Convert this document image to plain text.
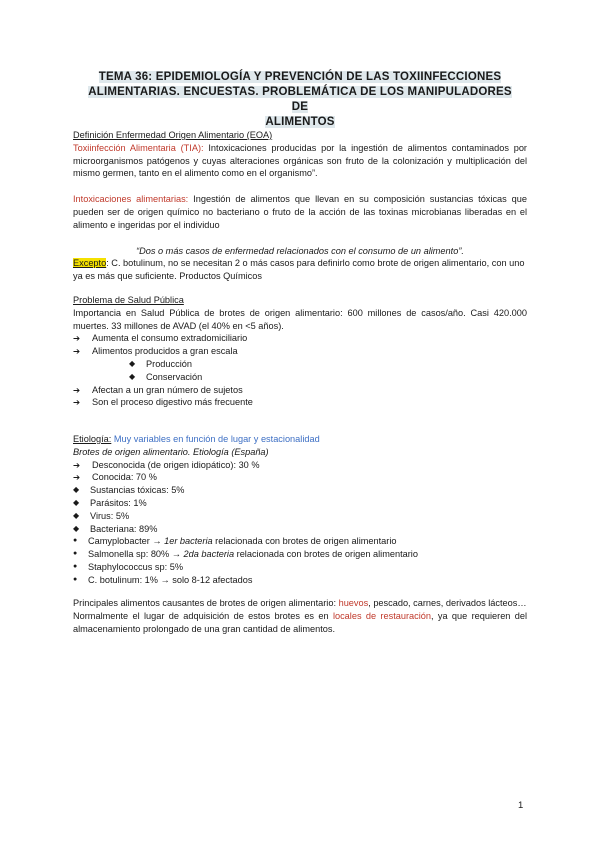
TEMA 36: EPIDEMIOLOGÍA Y PREVENCIÓN DE LAS TOXIINFECCIONES
ALIMENTARIAS. ENCUESTAS. PROBLEMÁTICA DE LOS MANIPULADORES DE
ALIMENTOS
Definición Enfermedad Origen Alimentario (EOA)
Toxiinfección Alimentaria (TIA): Intoxicaciones producidas por la ingestión de alimentos contaminados por microorganismos patógenos y cuyas alteraciones orgánicas son fruto de la colonización y multiplicación del mismo germen, tanto en el alimento como en el organismo”.
Intoxicaciones alimentarias: Ingestión de alimentos que llevan en su composición sustancias tóxicas que pueden ser de origen químico no bacteriano o fruto de la acción de las toxinas microbianas liberadas en el alimento e ingeridas por el individuo
“Dos o más casos de enfermedad relacionados con el consumo de un alimento”.
Excepto: C. botulinum, no se necesitan 2 o más casos para definirlo como brote de origen alimentario, con uno ya es más que suficiente. Productos Químicos
Problema de Salud Pública
Importancia en Salud Pública de brotes de origen alimentario: 600 millones de casos/año. Casi 420.000 muertes. 33 millones de AVAD (el 40% en <5 años).
➔ Aumenta el consumo extradomiciliario
➔ Alimentos producidos a gran escala
◆ Producción
◆ Conservación
➔ Afectan a un gran número de sujetos
➔ Son el proceso digestivo más frecuente
Etiología: Muy variables en función de lugar y estacionalidad
Brotes de origen alimentario. Etiología (España)
➔ Desconocida (de origen idiopático): 30 %
➔ Conocida: 70 %
◆ Sustancias tóxicas: 5%
◆ Parásitos: 1%
◆ Virus: 5%
◆ Bacteriana: 89%
● Camyplobacter → 1er bacteria relacionada con brotes de origen alimentario
● Salmonella sp: 80% → 2da bacteria relacionada con brotes de origen alimentario
● Staphylococcus sp: 5%
● C. botulinum: 1% → solo 8-12 afectados
Principales alimentos causantes de brotes de origen alimentario: huevos, pescado, carnes, derivados lácteos…
Normalmente el lugar de adquisición de estos brotes es en locales de restauración, ya que requieren del almacenamiento prolongado de una gran cantidad de alimentos.
1
